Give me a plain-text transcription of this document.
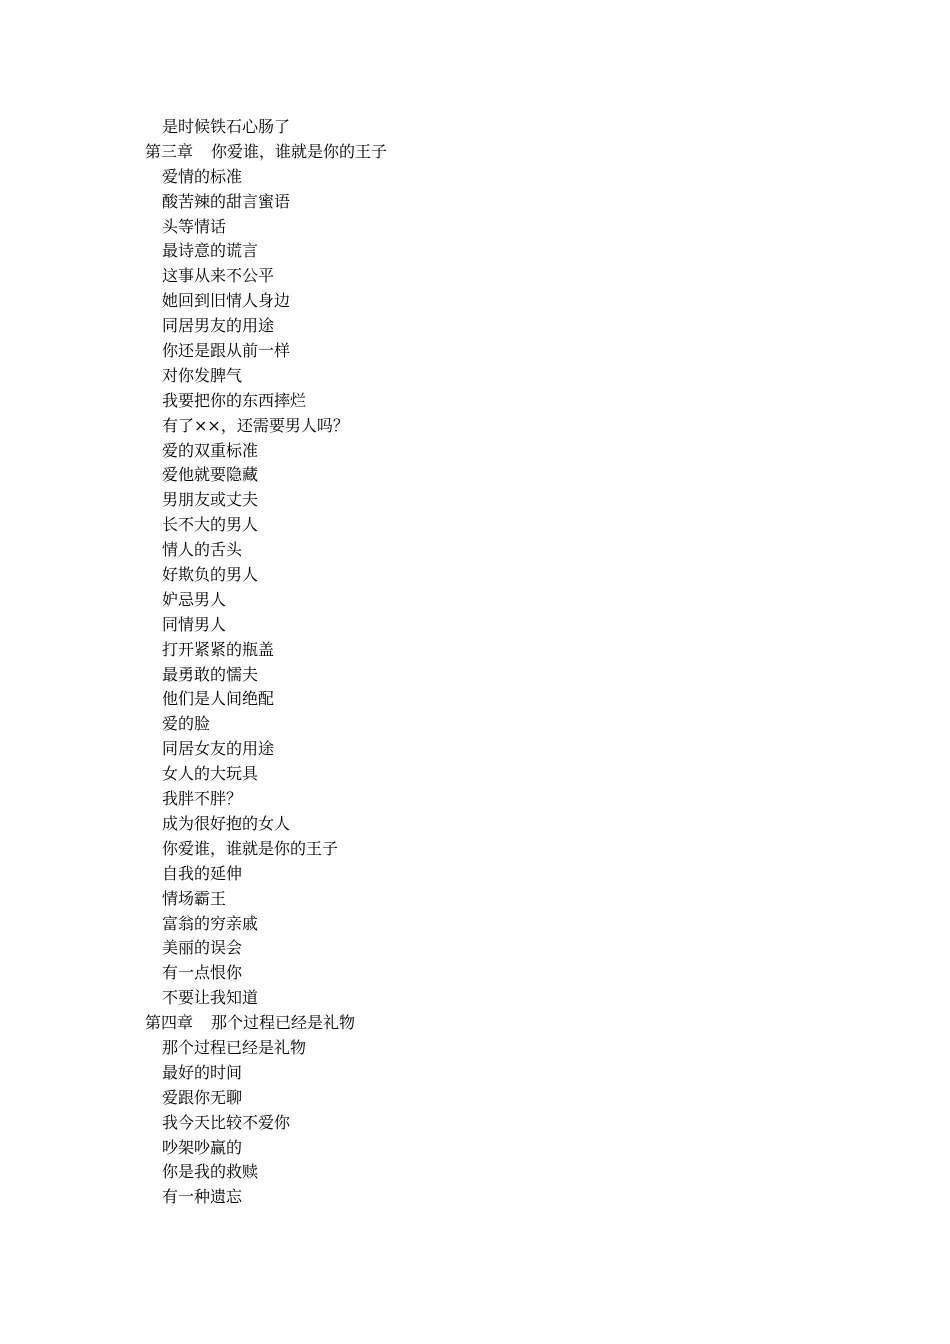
是时候铁石心肠了
第三章 你爱谁，谁就是你的王子
爱情的标准
酸苦辣的甜言蜜语
头等情话
最诗意的谎言
这事从来不公平
她回到旧情人身边
同居男友的用途
你还是跟从前一样
对你发脾气
我要把你的东西摔烂
有了××，还需要男人吗？
爱的双重标准
爱他就要隐藏
男朋友或丈夫
长不大的男人
情人的舌头
好欺负的男人
妒忌男人
同情男人
打开紧紧的瓶盖
最勇敢的懦夫
他们是人间绝配
爱的脸
同居女友的用途
女人的大玩具
我胖不胖？
成为很好抱的女人
你爱谁，谁就是你的王子
自我的延伸
情场霸王
富翁的穷亲戚
美丽的误会
有一点恨你
不要让我知道
第四章 那个过程已经是礼物
那个过程已经是礼物
最好的时间
爱跟你无聊
我今天比较不爱你
吵架吵赢的
你是我的救赎
有一种遗忘
